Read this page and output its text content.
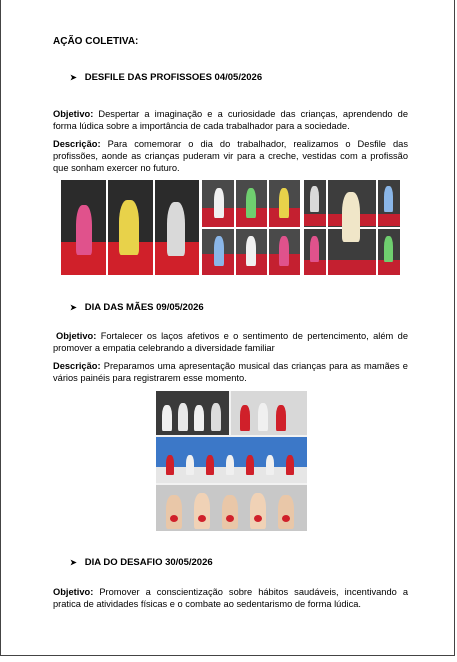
AÇÃO COLETIVA:
➤ DESFILE DAS PROFISSOES 04/05/2026
Objetivo: Despertar a imaginação e a curiosidade das crianças, aprendendo de forma lúdica sobre a importância de cada trabalhador para a sociedade.
Descrição: Para comemorar o dia do trabalhador, realizamos o Desfile das profissões, aonde as crianças puderam vir para a creche, vestidas com a profissão que sonham exercer no futuro.
➤ DIA DAS MÃES 09/05/2026
Objetivo: Fortalecer os laços afetivos e o sentimento de pertencimento, além de promover a empatia celebrando a diversidade familiar
Descrição: Preparamos uma apresentação musical das crianças para as mamães e vários painéis para registrarem esse momento.
➤ DIA DO DESAFIO 30/05/2026
Objetivo: Promover a conscientização sobre hábitos saudáveis, incentivando a pratica de atividades físicas e o combate ao sedentarismo de forma lúdica.
